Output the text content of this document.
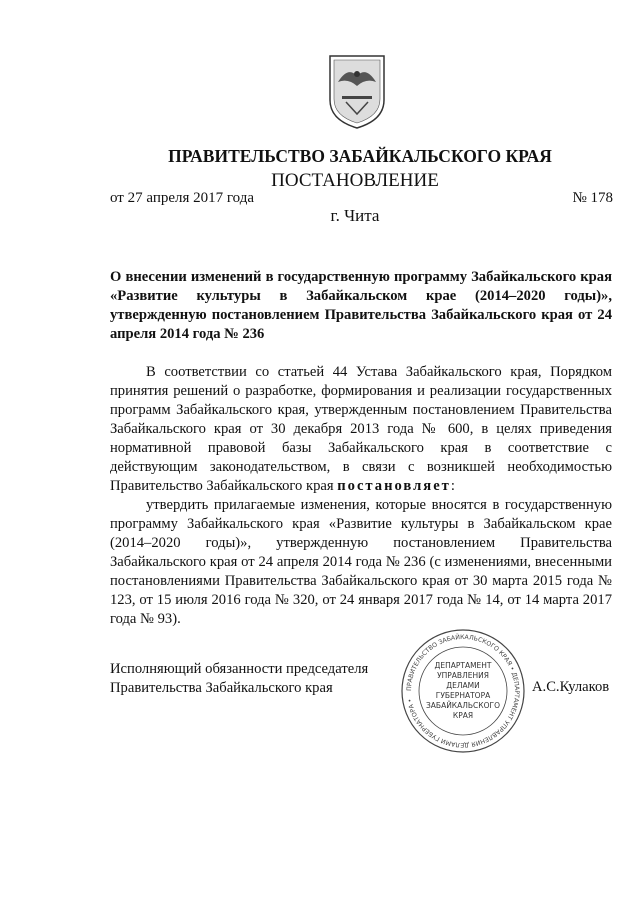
ПРАВИТЕЛЬСТВО ЗАБАЙКАЛЬСКОГО КРАЯ
ПОСТАНОВЛЕНИЕ
от 27 апреля 2017 года	№ 178
г. Чита
О внесении изменений в государственную программу Забайкальского края «Развитие культуры в Забайкальском крае (2014–2020 годы)», утвержденную постановлением Правительства Забайкальского края от 24 апреля 2014 года № 236
В соответствии со статьей 44 Устава Забайкальского края, Порядком принятия решений о разработке, формирования и реализации государственных программ Забайкальского края, утвержденным постановлением Правительства Забайкальского края от 30 декабря 2013 года № 600, в целях приведения нормативной правовой базы Забайкальского края в соответствие с действующим законодательством, в связи с возникшей необходимостью Правительство Забайкальского края постановляет:
утвердить прилагаемые изменения, которые вносятся в государственную программу Забайкальского края «Развитие культуры в Забайкальском крае (2014–2020 годы)», утвержденную постановлением Правительства Забайкальского края от 24 апреля 2014 года № 236 (с изменениями, внесенными постановлениями Правительства Забайкальского края от 30 марта 2015 года № 123, от 15 июля 2016 года № 320, от 24 января 2017 года № 14, от 14 марта 2017 года № 93).
Исполняющий обязанности председателя
Правительства Забайкальского края	ПРАВИТЕЛЬСТВО ЗАБАЙКАЛЬСКОГО КРАЯ • ДЕПАРТАМЕНТ УПРАВЛЕНИЯ ДЕЛАМИ ГУБЕРНАТОРА •
ДЕПАРТАМЕНТ
УПРАВЛЕНИЯ
ДЕЛАМИ
ГУБЕРНАТОРА
ЗАБАЙКАЛЬСКОГО
КРАЯ
А.С.Кулаков
